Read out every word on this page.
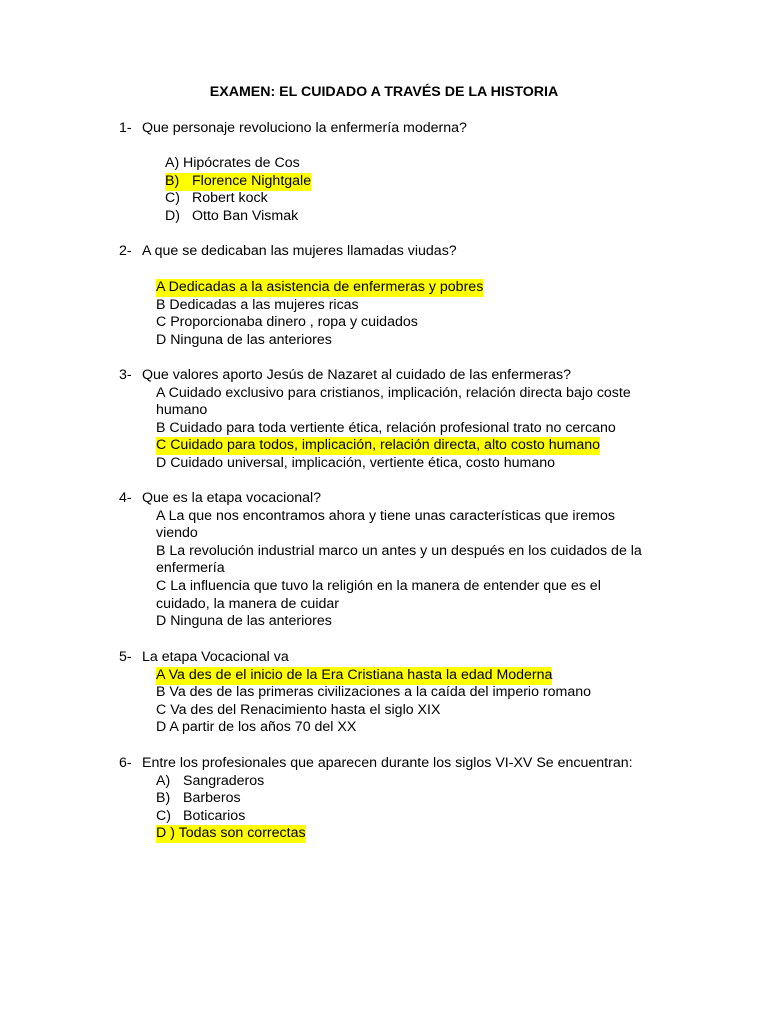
EXAMEN: EL CUIDADO A TRAVÉS DE LA HISTORIA
1- Que personaje revoluciono la enfermería moderna?
A) Hipócrates de Cos
B) Florence Nightgale
C) Robert kock
D) Otto Ban Vismak
2- A que se dedicaban las mujeres llamadas viudas?
A Dedicadas a la asistencia de enfermeras y pobres
B Dedicadas a las mujeres ricas
C Proporcionaba dinero , ropa y cuidados
D Ninguna de las anteriores
3- Que valores aporto Jesús de Nazaret al cuidado de las enfermeras?
A Cuidado exclusivo para cristianos, implicación, relación directa bajo coste
humano
B Cuidado para toda vertiente ética, relación profesional trato no cercano
C Cuidado para todos, implicación, relación directa, alto costo humano
D Cuidado universal, implicación, vertiente ética, costo humano
4- Que es la etapa vocacional?
A La que nos encontramos ahora y tiene unas características que iremos
viendo
B La revolución industrial marco un antes y un después en los cuidados de la
enfermería
C La influencia que tuvo la religión en la manera de entender que es el
cuidado, la manera de cuidar
D Ninguna de las anteriores
5- La etapa Vocacional va
A Va des de el inicio de la Era Cristiana hasta la edad Moderna
B Va des de las primeras civilizaciones a la caída del imperio romano
C Va des del Renacimiento hasta el siglo XIX
D A partir de los años 70 del XX
6- Entre los profesionales que aparecen durante los siglos VI-XV Se encuentran:
A) Sangraderos
B) Barberos
C) Boticarios
D ) Todas son correctas
